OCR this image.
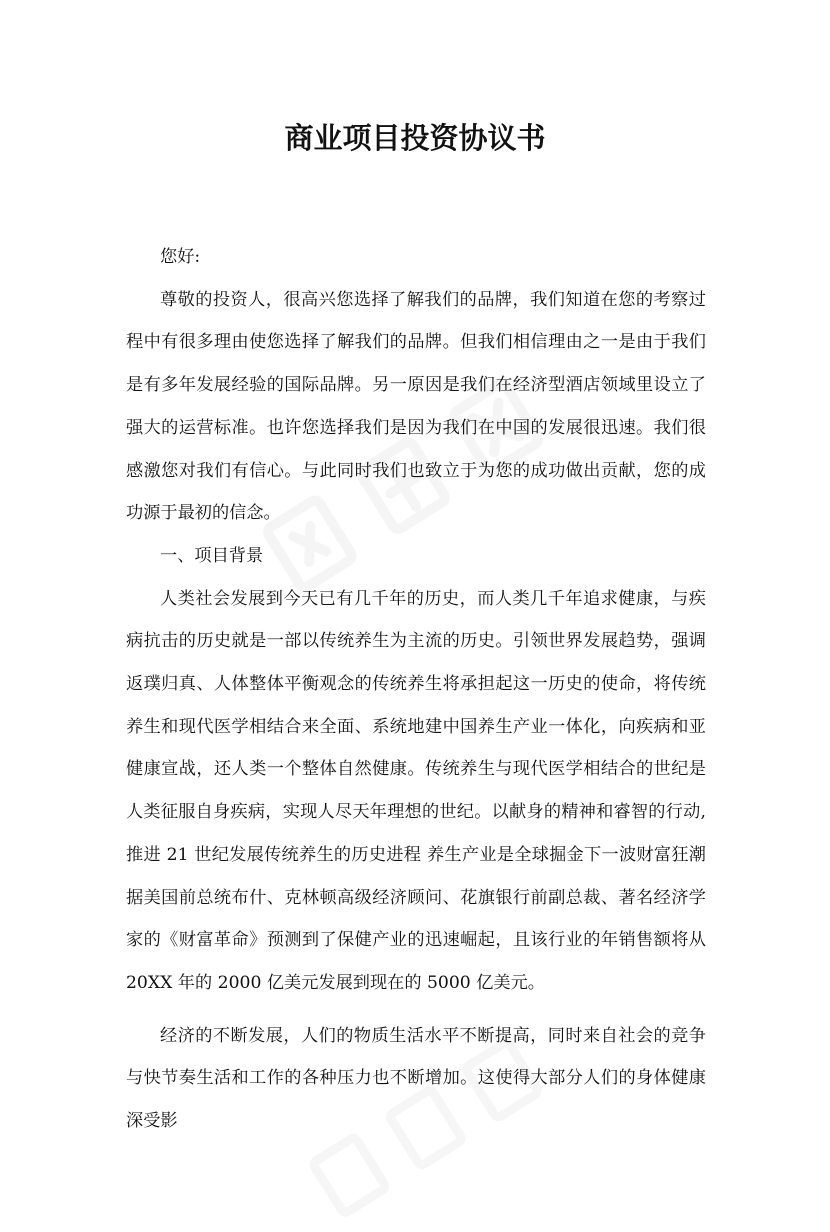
商业项目投资协议书

您好:

尊敬的投资人，很高兴您选择了解我们的品牌，我们知道在您的考察过程中有很多理由使您选择了解我们的品牌。但我们相信理由之一是由于我们是有多年发展经验的国际品牌。另一原因是我们在经济型酒店领域里设立了强大的运营标准。也许您选择我们是因为我们在中国的发展很迅速。我们很感激您对我们有信心。与此同时我们也致立于为您的成功做出贡献，您的成功源于最初的信念。

一、项目背景

人类社会发展到今天已有几千年的历史，而人类几千年追求健康，与疾病抗击的历史就是一部以传统养生为主流的历史。引领世界发展趋势，强调返璞归真、人体整体平衡观念的传统养生将承担起这一历史的使命，将传统养生和现代医学相结合来全面、系统地建中国养生产业一体化，向疾病和亚健康宣战，还人类一个整体自然健康。传统养生与现代医学相结合的世纪是人类征服自身疾病，实现人尽天年理想的世纪。以献身的精神和睿智的行动,推进 21 世纪发展传统养生的历史进程 养生产业是全球掘金下一波财富狂潮 据美国前总统布什、克林顿高级经济顾问、花旗银行前副总裁、著名经济学家的《财富革命》预测到了保健产业的迅速崛起，且该行业的年销售额将从 20XX 年的 2000 亿美元发展到现在的 5000 亿美元。

经济的不断发展，人们的物质生活水平不断提高，同时来自社会的竞争与快节奏生活和工作的各种压力也不断增加。这使得大部分人们的身体健康深受影
